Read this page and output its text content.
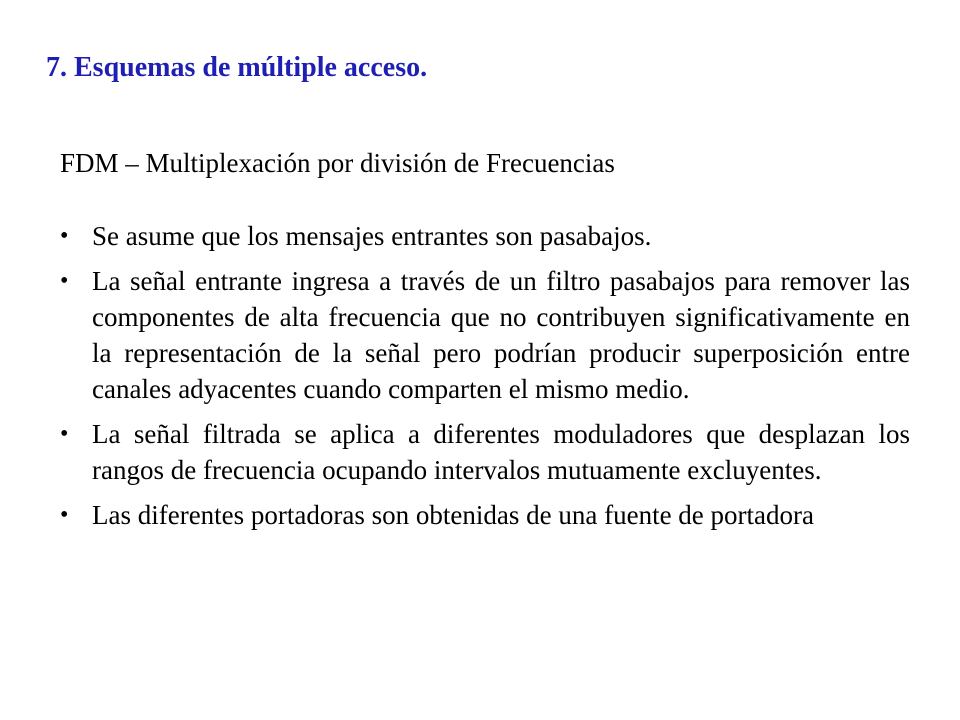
7. Esquemas de múltiple acceso.

FDM – Multiplexación por división de Frecuencias

• Se asume que los mensajes entrantes son pasabajos.
• La señal entrante ingresa a través de un filtro pasabajos para remover las componentes de alta frecuencia que no contribuyen significativamente en la representación de la señal pero podrían producir superposición entre canales adyacentes cuando comparten el mismo medio.
• La señal filtrada se aplica a diferentes moduladores que desplazan los rangos de frecuencia ocupando intervalos mutuamente excluyentes.
• Las diferentes portadoras son obtenidas de una fuente de portadora
